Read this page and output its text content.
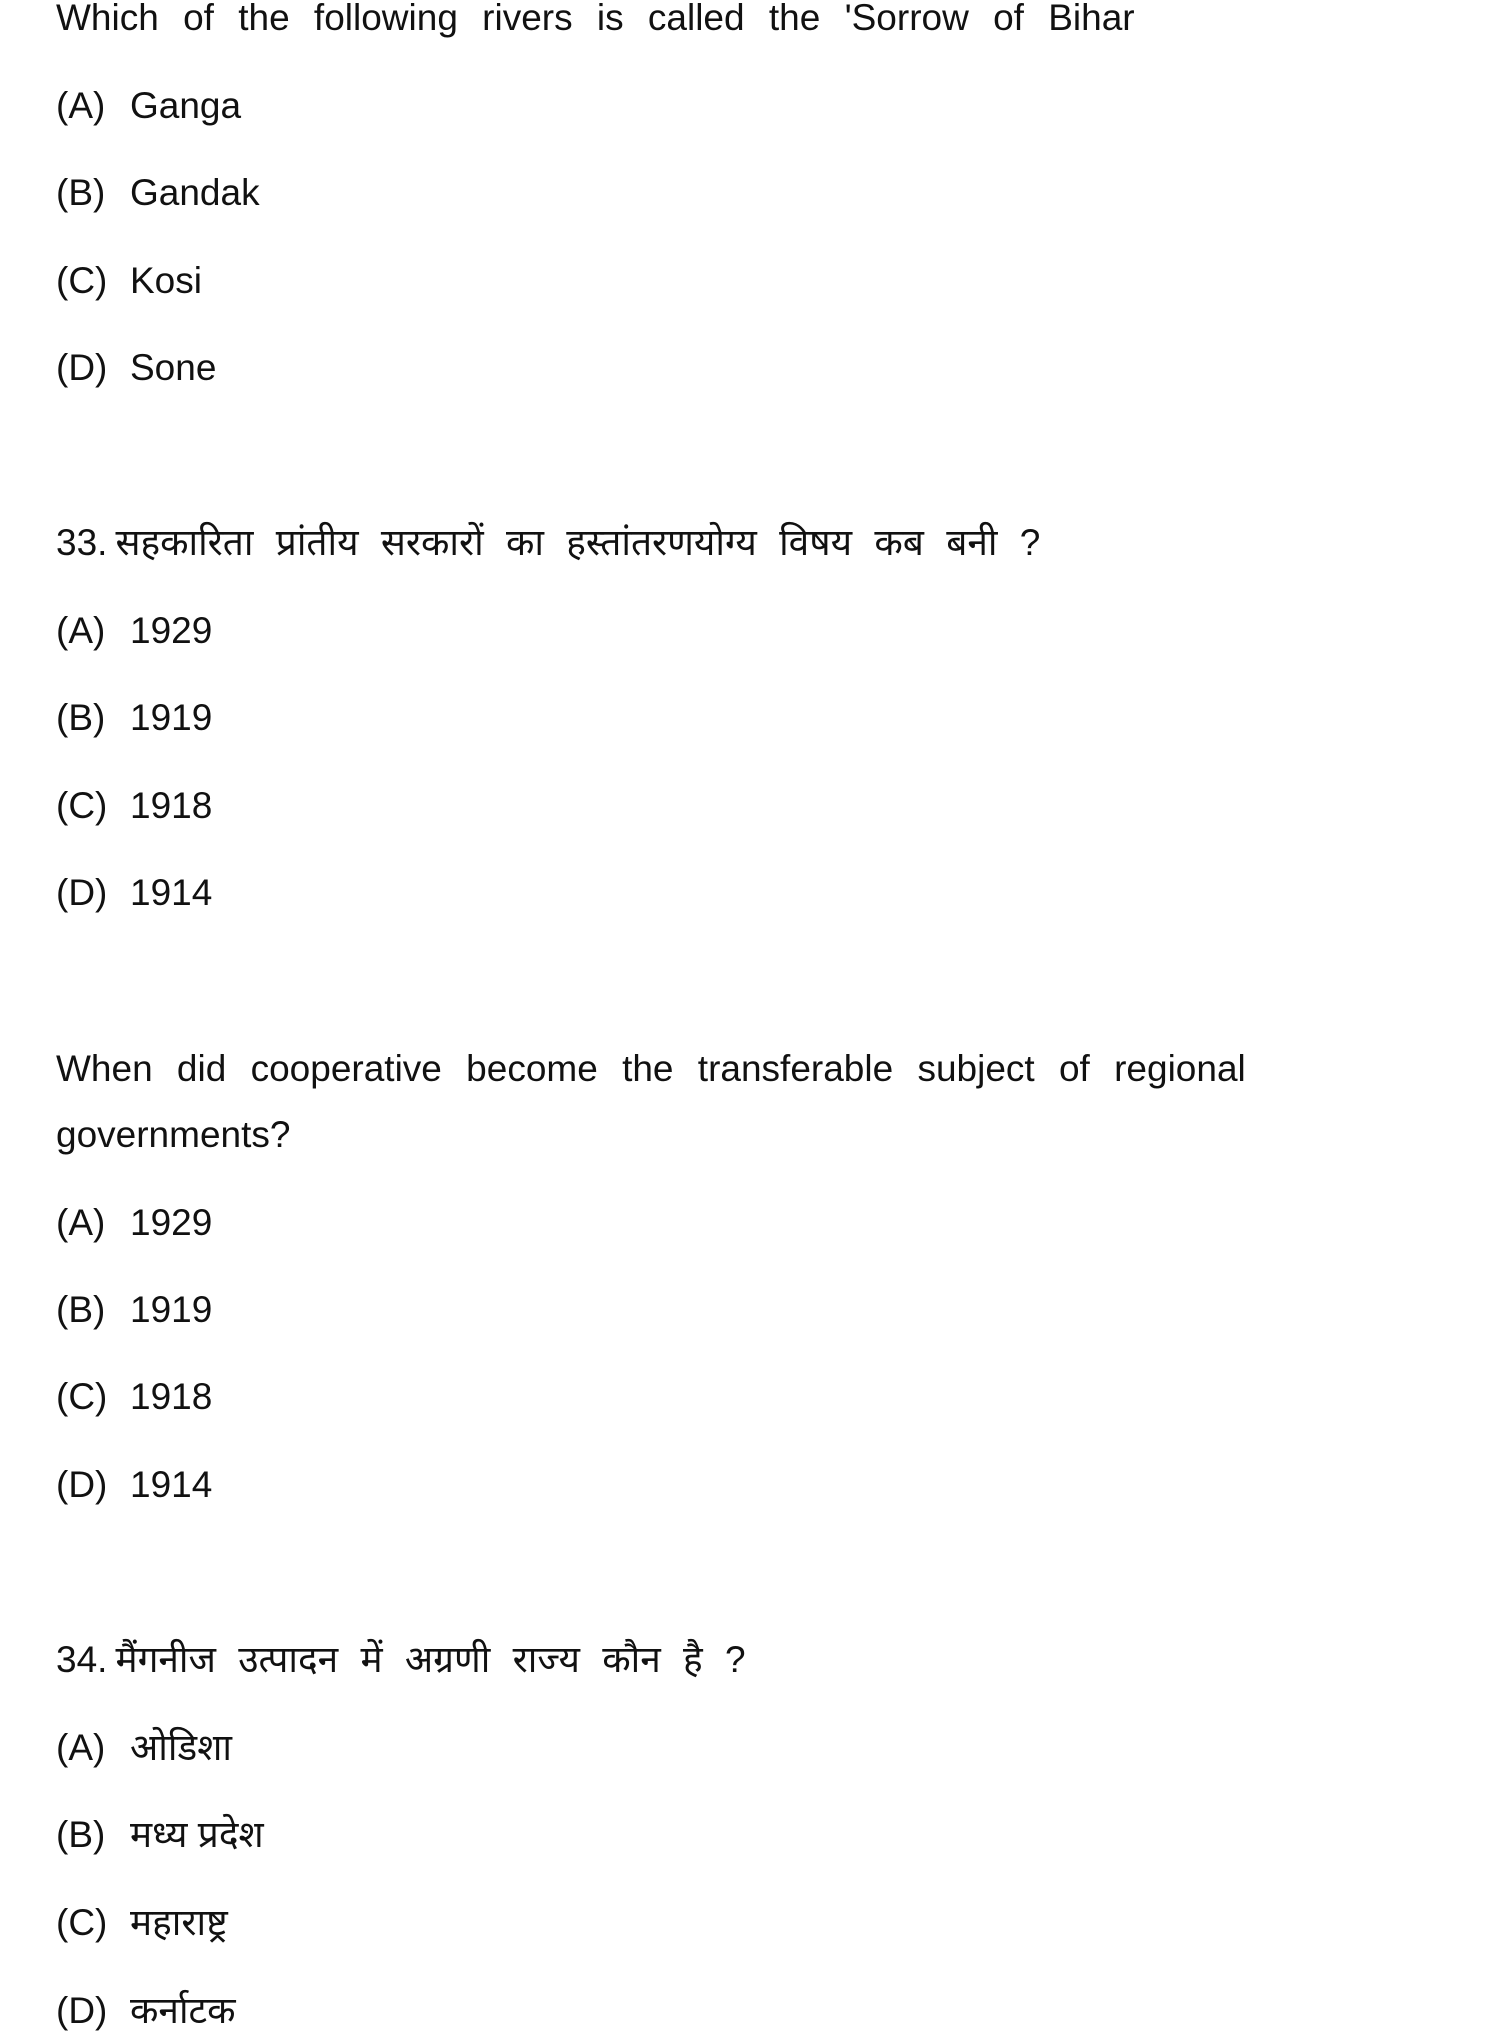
Which of the following rivers is called the 'Sorrow of Bihar
(A) Ganga
(B) Gandak
(C) Kosi
(D) Sone
33. सहकारिता प्रांतीय सरकारों का हस्तांतरणयोग्य विषय कब बनी ?
(A) 1929
(B) 1919
(C) 1918
(D) 1914
When did cooperative become the transferable subject of regional
governments?
(A) 1929
(B) 1919
(C) 1918
(D) 1914
34. मैंगनीज उत्पादन में अग्रणी राज्य कौन है ?
(A) ओडिशा
(B) मध्य प्रदेश
(C) महाराष्ट्र
(D) कर्नाटक
